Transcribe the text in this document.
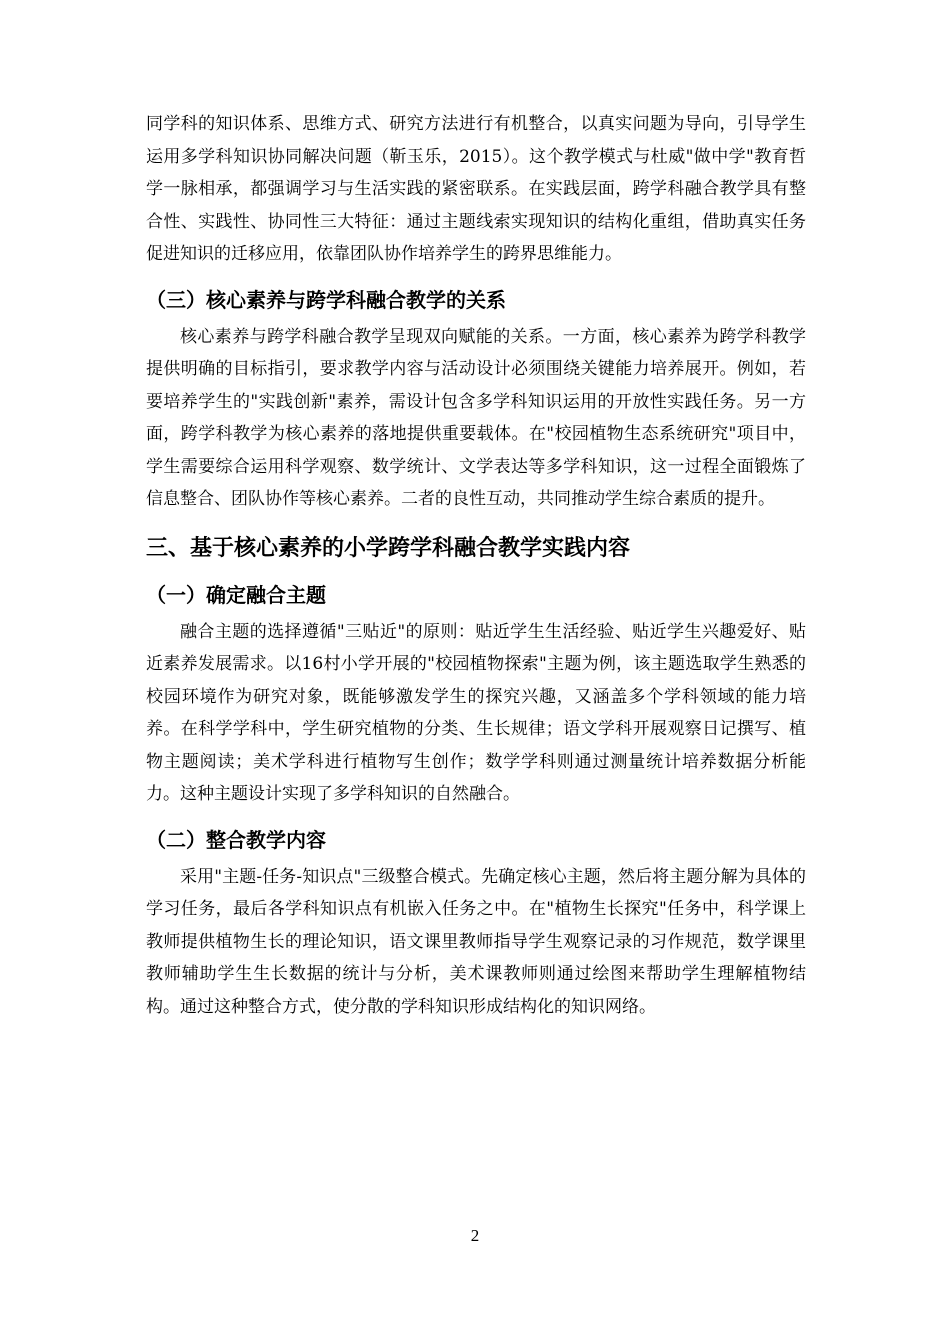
同学科的知识体系、思维方式、研究方法进行有机整合，以真实问题为导向，引导学生运用多学科知识协同解决问题（靳玉乐，2015）。这个教学模式与杜威"做中学"教育哲学一脉相承，都强调学习与生活实践的紧密联系。在实践层面，跨学科融合教学具有整合性、实践性、协同性三大特征：通过主题线索实现知识的结构化重组，借助真实任务促进知识的迁移应用，依靠团队协作培养学生的跨界思维能力。

（三）核心素养与跨学科融合教学的关系

核心素养与跨学科融合教学呈现双向赋能的关系。一方面，核心素养为跨学科教学提供明确的目标指引，要求教学内容与活动设计必须围绕关键能力培养展开。例如，若要培养学生的"实践创新"素养，需设计包含多学科知识运用的开放性实践任务。另一方面，跨学科教学为核心素养的落地提供重要载体。在"校园植物生态系统研究"项目中，学生需要综合运用科学观察、数学统计、文学表达等多学科知识，这一过程全面锻炼了信息整合、团队协作等核心素养。二者的良性互动，共同推动学生综合素质的提升。

三、基于核心素养的小学跨学科融合教学实践内容
（一）确定融合主题

融合主题的选择遵循"三贴近"的原则：贴近学生生活经验、贴近学生兴趣爱好、贴近素养发展需求。以16村小学开展的"校园植物探索"主题为例，该主题选取学生熟悉的校园环境作为研究对象，既能够激发学生的探究兴趣，又涵盖多个学科领域的能力培养。在科学学科中，学生研究植物的分类、生长规律；语文学科开展观察日记撰写、植物主题阅读；美术学科进行植物写生创作；数学学科则通过测量统计培养数据分析能力。这种主题设计实现了多学科知识的自然融合。

（二）整合教学内容

采用"主题-任务-知识点"三级整合模式。先确定核心主题，然后将主题分解为具体的学习任务，最后各学科知识点有机嵌入任务之中。在"植物生长探究"任务中，科学课上教师提供植物生长的理论知识，语文课里教师指导学生观察记录的习作规范，数学课里教师辅助学生生长数据的统计与分析，美术课教师则通过绘图来帮助学生理解植物结构。通过这种整合方式，使分散的学科知识形成结构化的知识网络。

2
